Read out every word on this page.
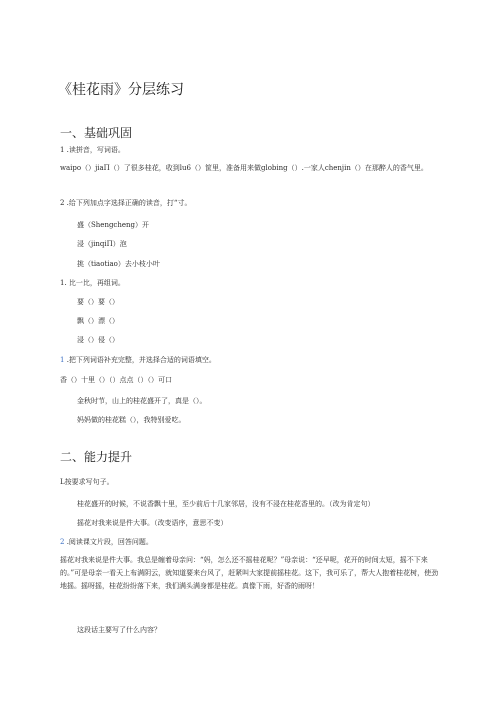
《桂花雨》分层练习
一、基础巩固

1 .读拼音，写词语。

waipo（）jiaΠ（）了很多桂花，收到lu6（）筐里，准备用来做globing（）.一家人chenjin（）在那醉人的香气里。

2 .给下列加点字选择正确的读音，打“寸。

盛（Shengcheng）开

浸（jinqiΠ）泡

挑（tiaotiao）去小枝小叶

1. 比一比，再组词。

要（）要（）

飘（）漂（）

浸（）侵（）

1 .把下列词语补充完整，并选择合适的词语填空。

香（）十里（）（）点点（）（）可口

金秋时节，山上的桂花盛开了，真是（）。

妈妈做的桂花糕（），我特别爱吃。

二、能力提升

L按要求写句子。

桂花盛开的时候，不说香飘十里，至少前后十几家邻居，没有不浸在桂花香里的。（改为肯定句）

摇花对我来说是件大事。（改变语序，意思不变）

2 .阅读课文片段，回答问题。

摇花对我来说是件大事。我总是缠着母亲问：“妈，怎么还不摇桂花呢？”母亲说：“还早呢，花开的时间太短，摇不下来的。”可是母亲一看天上布满阴云，就知道要来台风了，赶紧叫大家提前摇桂花。这下，我可乐了，帮大人抱着桂花树，使劲地摇。摇呀摇，桂花纷纷落下来，我们满头满身都是桂花。真像下雨，好香的雨呀！

这段话主要写了什么内容？
